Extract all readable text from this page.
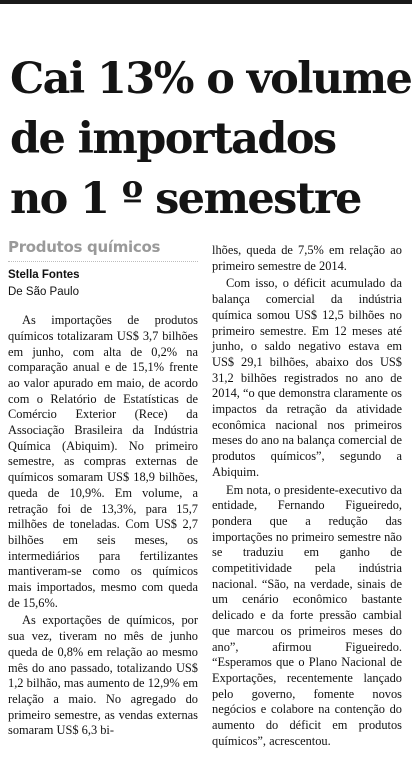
Cai 13% o volume
de importados
no 1 º semestre
Produtos químicos
Stella Fontes
De São Paulo

As importações de produtos químicos totalizaram US$ 3,7 bilhões em junho, com alta de 0,2% na comparação anual e de 15,1% frente ao valor apurado em maio, de acordo com o Relatório de Estatísticas de Comércio Exterior (Rece) da Associação Brasileira da Indústria Química (Abiquim). No primeiro semestre, as compras externas de químicos somaram US$ 18,9 bilhões, queda de 10,9%. Em volume, a retração foi de 13,3%, para 15,7 milhões de toneladas. Com US$ 2,7 bilhões em seis meses, os intermediários para fertilizantes mantiveram-se como os químicos mais importados, mesmo com queda de 15,6%.

As exportações de químicos, por sua vez, tiveram no mês de junho queda de 0,8% em relação ao mesmo mês do ano passado, totalizando US$ 1,2 bilhão, mas aumento de 12,9% em relação a maio. No agregado do primeiro semestre, as vendas externas somaram US$ 6,3 bi-

lhões, queda de 7,5% em relação ao primeiro semestre de 2014.

Com isso, o déficit acumulado da balança comercial da indústria química somou US$ 12,5 bilhões no primeiro semestre. Em 12 meses até junho, o saldo negativo estava em US$ 29,1 bilhões, abaixo dos US$ 31,2 bilhões registrados no ano de 2014, “o que demonstra claramente os impactos da retração da atividade econômica nacional nos primeiros meses do ano na balança comercial de produtos químicos”, segundo a Abiquim.

Em nota, o presidente-executivo da entidade, Fernando Figueiredo, pondera que a redução das importações no primeiro semestre não se traduziu em ganho de competitividade pela indústria nacional. “São, na verdade, sinais de um cenário econômico bastante delicado e da forte pressão cambial que marcou os primeiros meses do ano”, afirmou Figueiredo. “Esperamos que o Plano Nacional de Exportações, recentemente lançado pelo governo, fomente novos negócios e colabore na contenção do aumento do déficit em produtos químicos”, acrescentou.
